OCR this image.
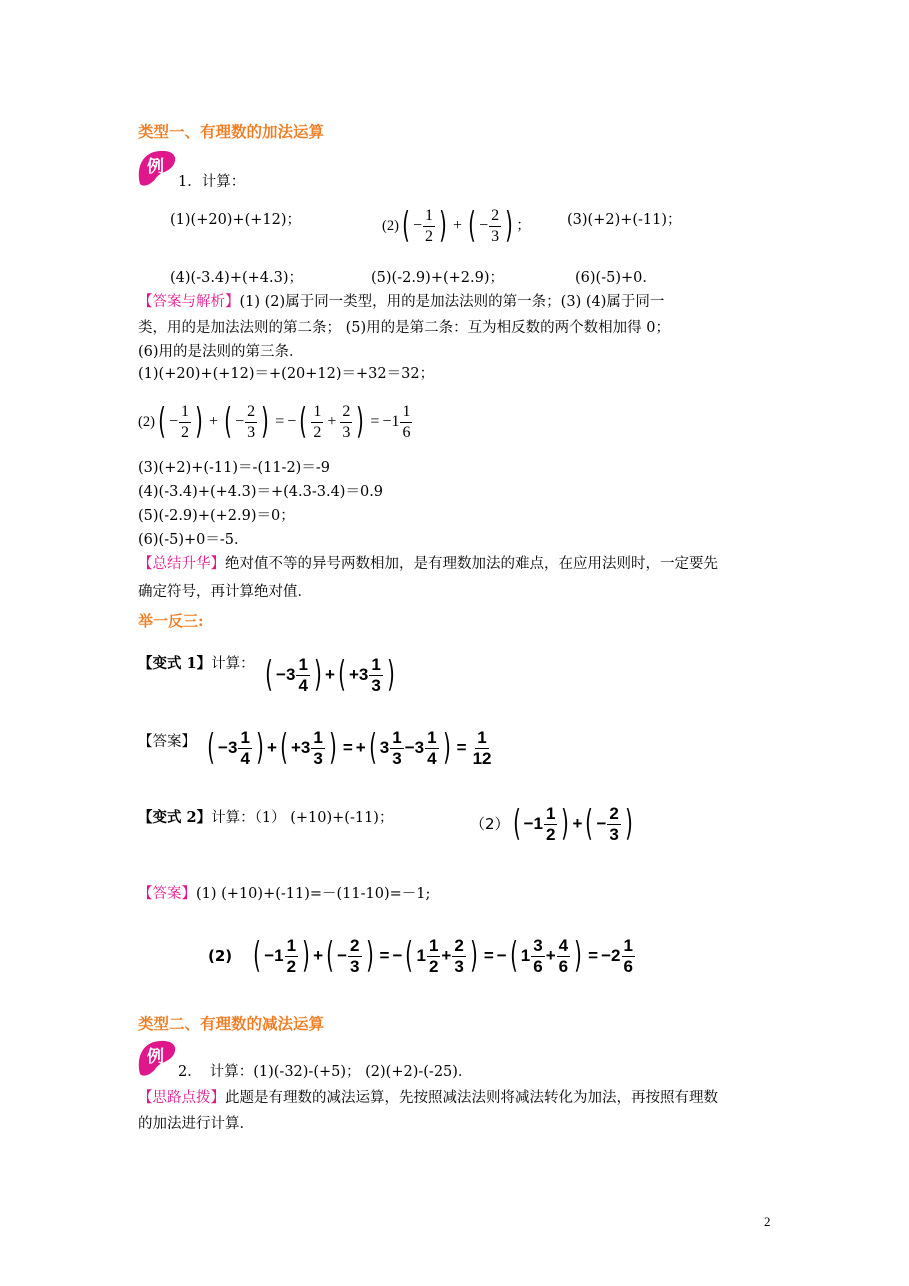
类型一、有理数的加法运算
例
1．计算：
(1)(+20)+(+12)；	(2) ( − $\frac{1}{2}$ ) + ( − $\frac{2}{3}$ ) ；	(3)(+2)+(-11)；
(4)(-3.4)+(+4.3)；	(5)(-2.9)+(+2.9)；	(6)(-5)+0．
【答案与解析】(1) (2)属于同一类型，用的是加法法则的第一条；(3) (4)属于同一
类，用的是加法法则的第二条； (5)用的是第二条：互为相反数的两个数相加得 0；
(6)用的是法则的第三条．
(1)(+20)+(+12)＝+(20+12)＝+32＝32；
(2) ( − $\frac{1}{2}$ ) + ( − $\frac{2}{3}$ ) = − ( $\frac{1}{2} + \frac{2}{3}$ ) = $-1 \frac{1}{6}$
(3)(+2)+(-11)＝-(11-2)＝-9
(4)(-3.4)+(+4.3)＝+(4.3-3.4)＝0.9
(5)(-2.9)+(+2.9)＝0；
(6)(-5)+0＝-5．
【总结升华】绝对值不等的异号两数相加，是有理数加法的难点，在应用法则时，一定要先
确定符号，再计算绝对值．
举一反三:
【变式 1】计算： ( $-3 \frac{1}{4}$ ) + ( $+3 \frac{1}{3}$ )
【答案】 ( $-3 \frac{1}{4}$ ) + ( $+3 \frac{1}{3}$ ) = + ( $3 \frac{1}{3} - 3 \frac{1}{4}$ ) = $\frac{1}{12}$
【变式 2】计算：（1） (+10)+(-11)；	（2） ( $-1 \frac{1}{2}$ ) + ( − $\frac{2}{3}$ )
【答案】(1) (+10)+(-11)=－(11-10)=－1;
(2) ( $-1 \frac{1}{2}$ ) + ( − $\frac{2}{3}$ ) = − ( $1 \frac{1}{2} + \frac{2}{3}$ ) = − ( $1 \frac{3}{6} + \frac{4}{6}$ ) = $-2 \frac{1}{6}$
类型二、有理数的减法运算
例
2． 计算：(1)(-32)-(+5)； (2)(+2)-(-25)．
【思路点拨】此题是有理数的减法运算，先按照减法法则将减法转化为加法，再按照有理数
的加法进行计算．
2
